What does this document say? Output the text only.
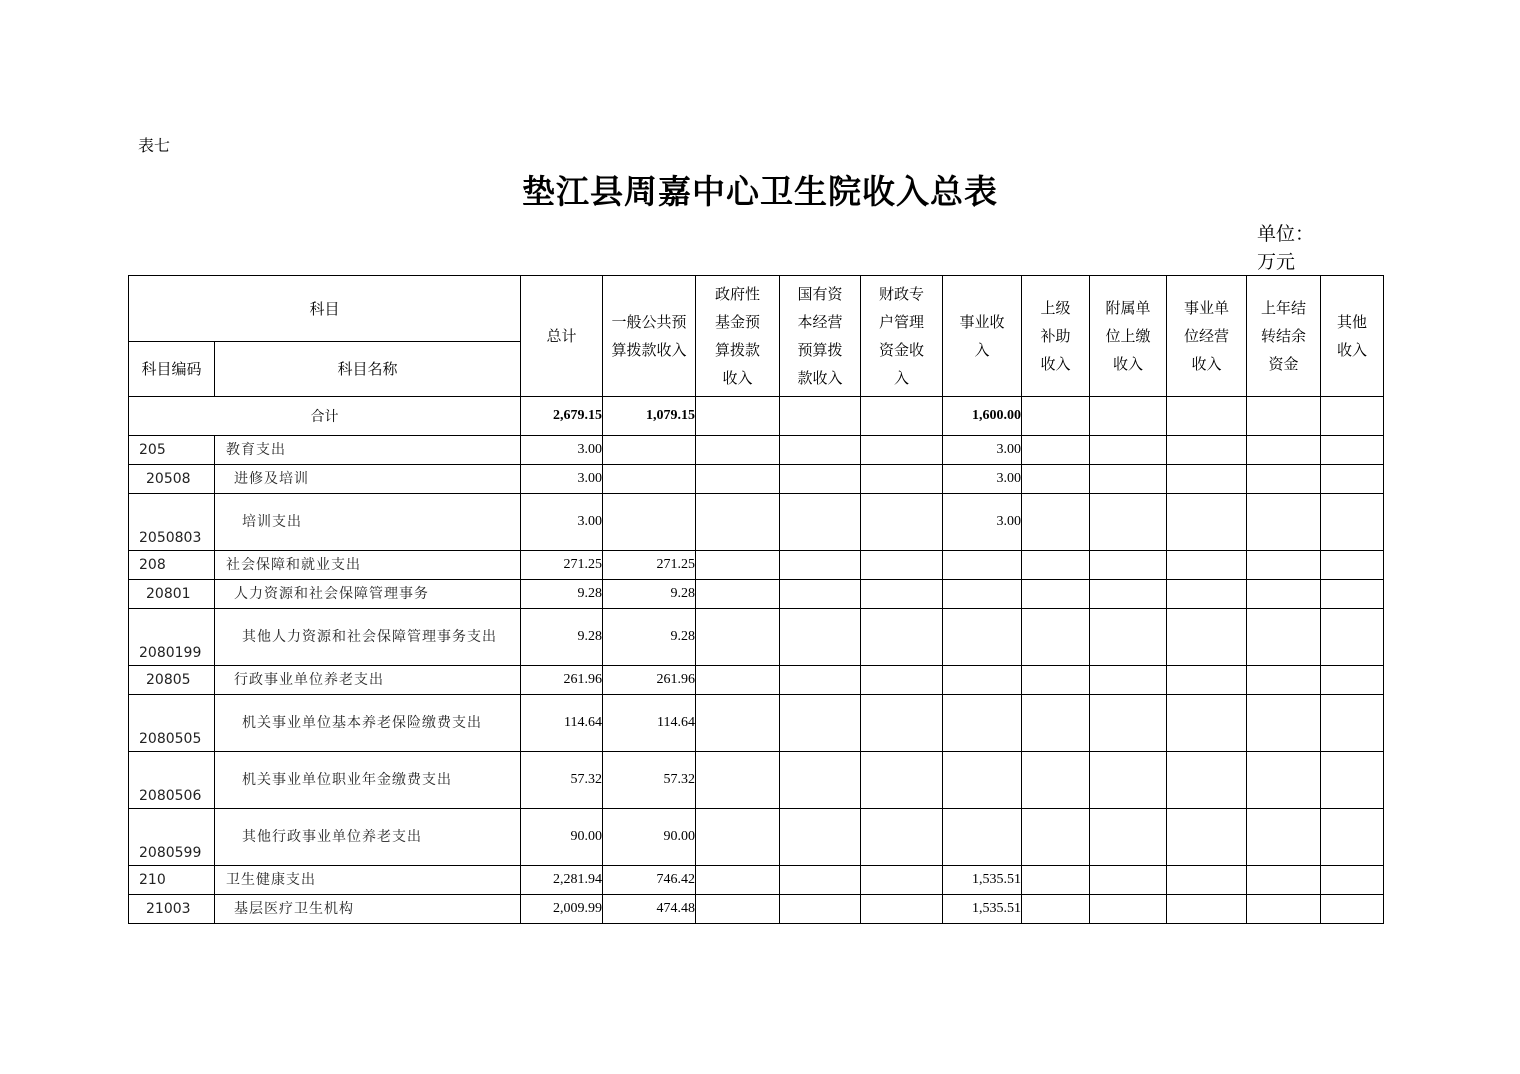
表七
垫江县周嘉中心卫生院收入总表
单位：
万元
科目		总计	一般公共预算拨款收入	政府性基金预算拨款收入	国有资本经营预算拨款收入	财政专户管理资金收入	事业收入	上级补助收入	附属单位上缴收入	事业单位经营收入	上年结转结余资金	其他收入
科目编码	科目名称											
合计		2,679.15	1,079.15				1,600.00					
205	教育支出	3.00					3.00					
20508	进修及培训	3.00					3.00					
2050803	培训支出	3.00					3.00					
208	社会保障和就业支出	271.25	271.25									
20801	人力资源和社会保障管理事务	9.28	9.28									
2080199	其他人力资源和社会保障管理事务支出	9.28	9.28									
20805	行政事业单位养老支出	261.96	261.96									
2080505	机关事业单位基本养老保险缴费支出	114.64	114.64									
2080506	机关事业单位职业年金缴费支出	57.32	57.32									
2080599	其他行政事业单位养老支出	90.00	90.00									
210	卫生健康支出	2,281.94	746.42				1,535.51					
21003	基层医疗卫生机构	2,009.99	474.48				1,535.51					
